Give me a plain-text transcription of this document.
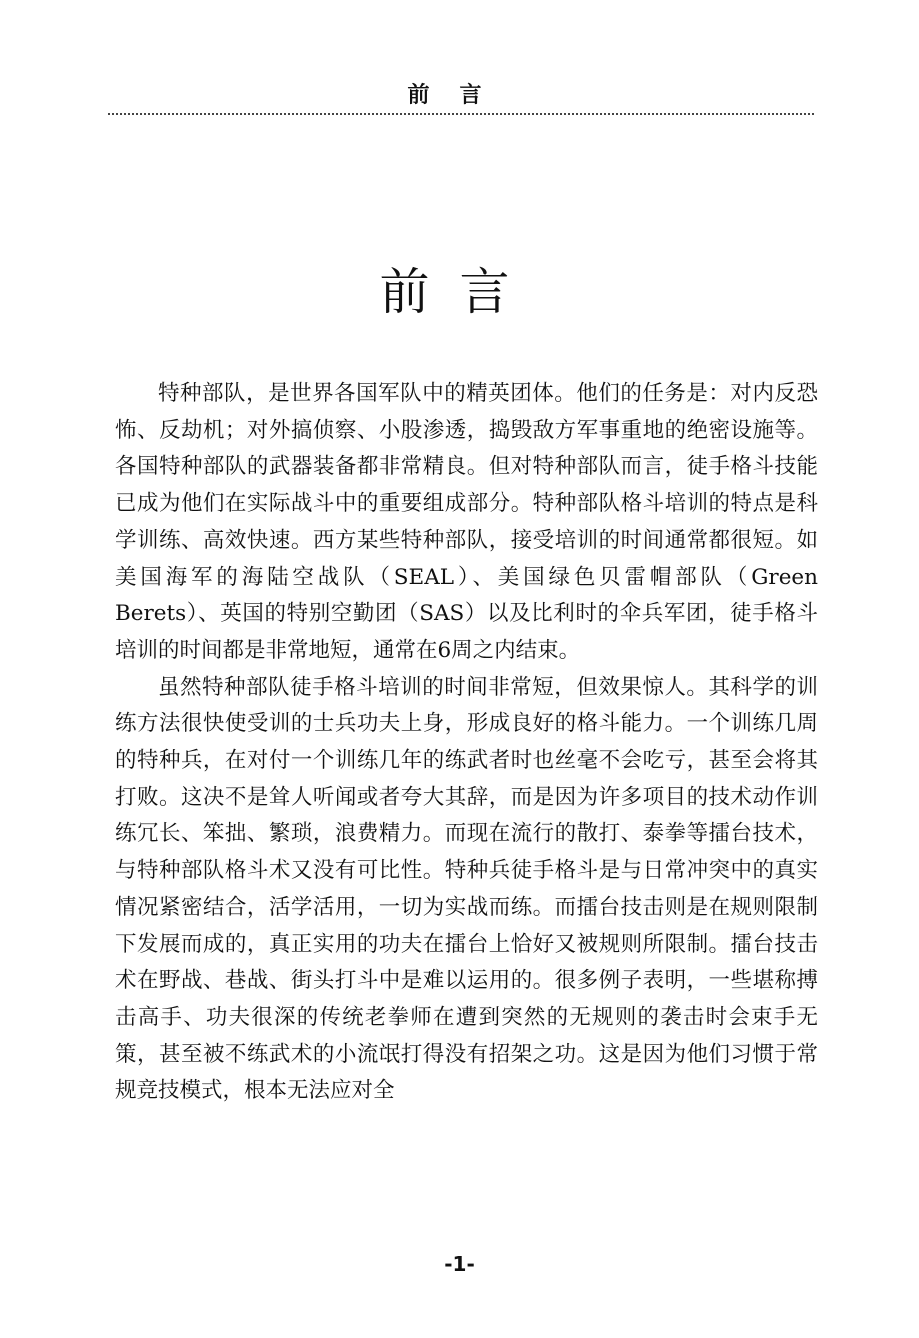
前言
前言

特种部队，是世界各国军队中的精英团体。他们的任务是：对内反恐怖、反劫机；对外搞侦察、小股渗透，捣毁敌方军事重地的绝密设施等。各国特种部队的武器装备都非常精良。但对特种部队而言，徒手格斗技能已成为他们在实际战斗中的重要组成部分。特种部队格斗培训的特点是科学训练、高效快速。西方某些特种部队，接受培训的时间通常都很短。如美国海军的海陆空战队（SEAL）、美国绿色贝雷帽部队（Green Berets）、英国的特别空勤团（SAS）以及比利时的伞兵军团，徒手格斗培训的时间都是非常地短，通常在6周之内结束。

虽然特种部队徒手格斗培训的时间非常短，但效果惊人。其科学的训练方法很快使受训的士兵功夫上身，形成良好的格斗能力。一个训练几周的特种兵，在对付一个训练几年的练武者时也丝毫不会吃亏，甚至会将其打败。这决不是耸人听闻或者夸大其辞，而是因为许多项目的技术动作训练冗长、笨拙、繁琐，浪费精力。而现在流行的散打、泰拳等擂台技术，与特种部队格斗术又没有可比性。特种兵徒手格斗是与日常冲突中的真实情况紧密结合，活学活用，一切为实战而练。而擂台技击则是在规则限制下发展而成的，真正实用的功夫在擂台上恰好又被规则所限制。擂台技击术在野战、巷战、街头打斗中是难以运用的。很多例子表明，一些堪称搏击高手、功夫很深的传统老拳师在遭到突然的无规则的袭击时会束手无策，甚至被不练武术的小流氓打得没有招架之功。这是因为他们习惯于常规竞技模式，根本无法应对全

-1-
